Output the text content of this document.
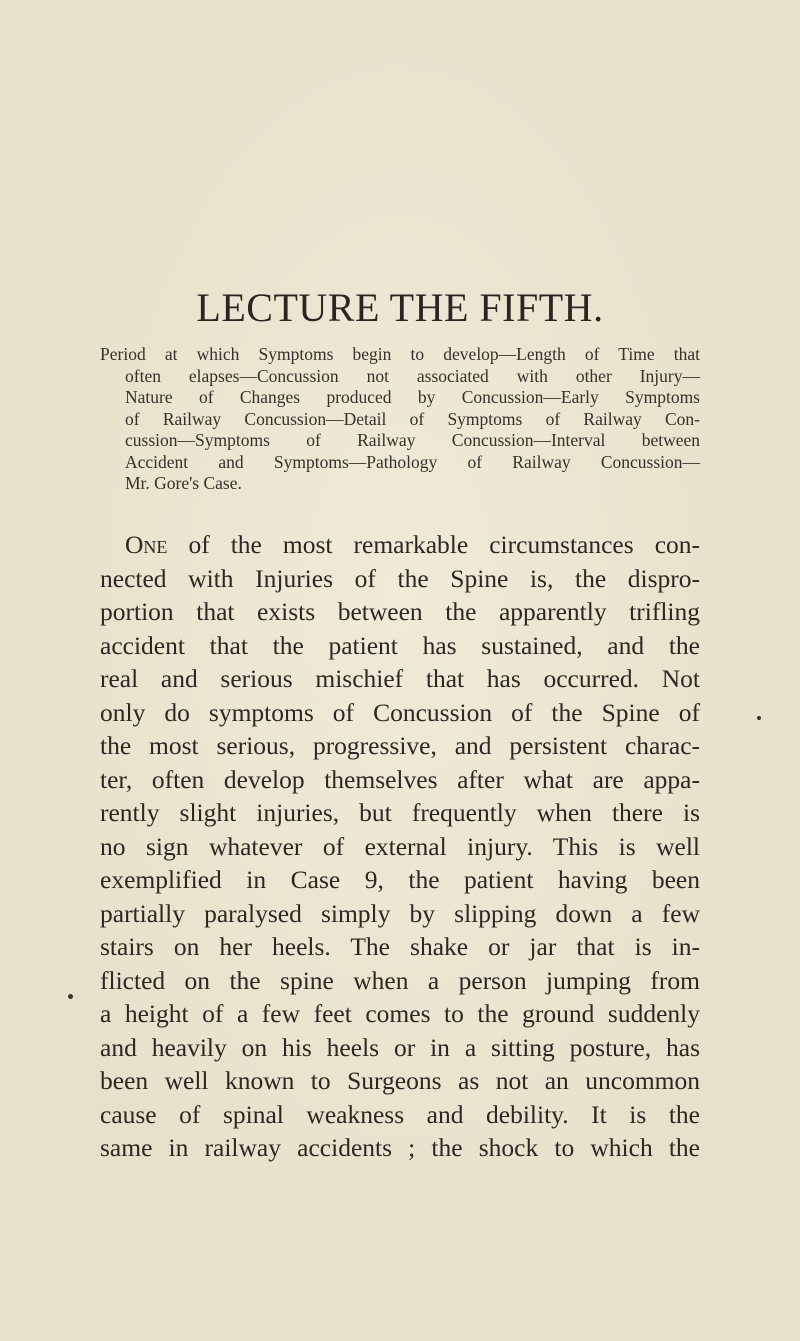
LECTURE THE FIFTH.
Period at which Symptoms begin to develop—Length of Time that
often elapses—Concussion not associated with other Injury—
Nature of Changes produced by Concussion—Early Symptoms
of Railway Concussion—Detail of Symptoms of Railway Con-
cussion—Symptoms of Railway Concussion—Interval between
Accident and Symptoms—Pathology of Railway Concussion—
Mr. Gore's Case.
One of the most remarkable circumstances con-
nected with Injuries of the Spine is, the dispro-
portion that exists between the apparently trifling
accident that the patient has sustained, and the
real and serious mischief that has occurred. Not
only do symptoms of Concussion of the Spine of
the most serious, progressive, and persistent charac-
ter, often develop themselves after what are appa-
rently slight injuries, but frequently when there is
no sign whatever of external injury. This is well
exemplified in Case 9, the patient having been
partially paralysed simply by slipping down a few
stairs on her heels. The shake or jar that is in-
flicted on the spine when a person jumping from
a height of a few feet comes to the ground suddenly
and heavily on his heels or in a sitting posture, has
been well known to Surgeons as not an uncommon
cause of spinal weakness and debility. It is the
same in railway accidents ; the shock to which the
